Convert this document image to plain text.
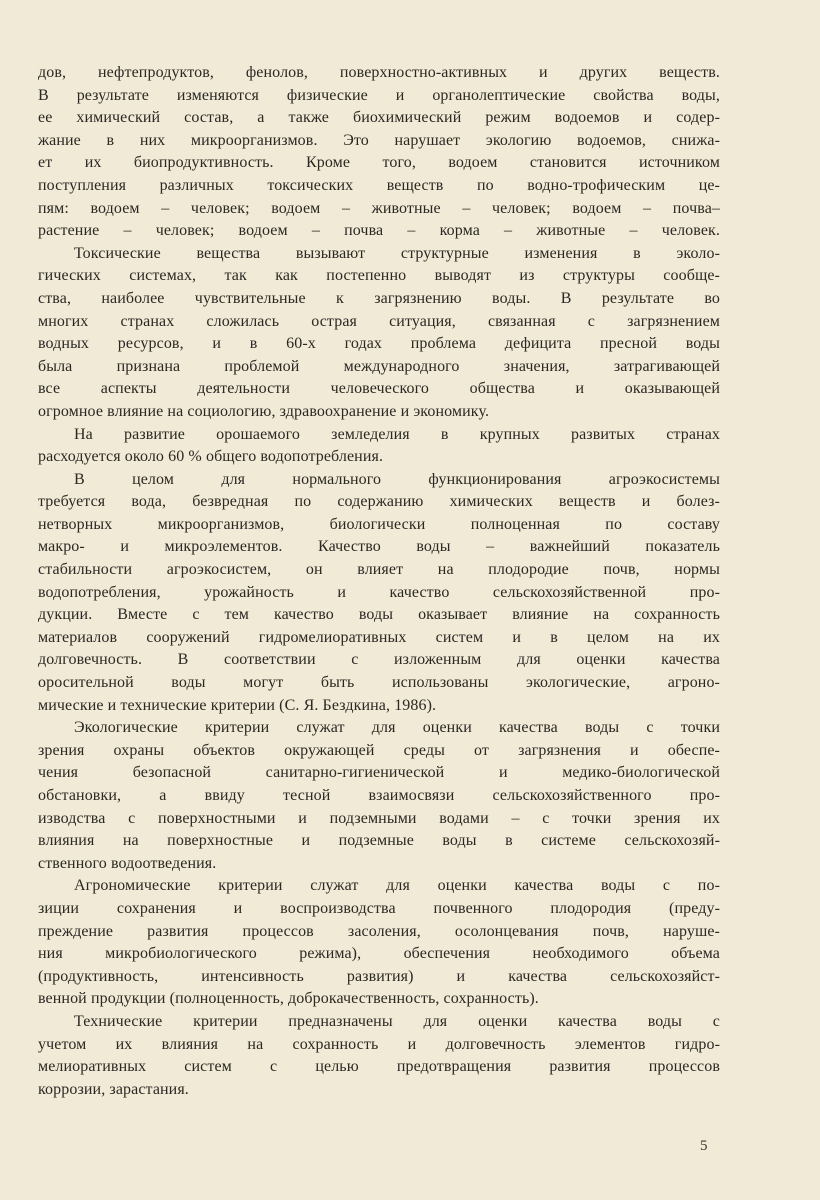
дов, нефтепродуктов, фенолов, поверхностно-активных и других веществ.
В результате изменяются физические и органолептические свойства воды,
ее химический состав, а также биохимический режим водоемов и содер-
жание в них микроорганизмов. Это нарушает экологию водоемов, снижа-
ет их биопродуктивность. Кроме того, водоем становится источником
поступления различных токсических веществ по водно-трофическим це-
пям: водоем – человек; водоем – животные – человек; водоем – почва–
растение – человек; водоем – почва – корма – животные – человек.
Токсические вещества вызывают структурные изменения в эколо-
гических системах, так как постепенно выводят из структуры сообще-
ства, наиболее чувствительные к загрязнению воды. В результате во
многих странах сложилась острая ситуация, связанная с загрязнением
водных ресурсов, и в 60-х годах проблема дефицита пресной воды
была признана проблемой международного значения, затрагивающей
все аспекты деятельности человеческого общества и оказывающей
огромное влияние на социологию, здравоохранение и экономику.
На развитие орошаемого земледелия в крупных развитых странах
расходуется около 60 % общего водопотребления.
В целом для нормального функционирования агроэкосистемы
требуется вода, безвредная по содержанию химических веществ и болез-
нетворных микроорганизмов, биологически полноценная по составу
макро- и микроэлементов. Качество воды – важнейший показатель
стабильности агроэкосистем, он влияет на плодородие почв, нормы
водопотребления, урожайность и качество сельскохозяйственной про-
дукции. Вместе с тем качество воды оказывает влияние на сохранность
материалов сооружений гидромелиоративных систем и в целом на их
долговечность. В соответствии с изложенным для оценки качества
оросительной воды могут быть использованы экологические, агроно-
мические и технические критерии (С. Я. Бездкина, 1986).
Экологические критерии служат для оценки качества воды с точки
зрения охраны объектов окружающей среды от загрязнения и обеспе-
чения безопасной санитарно-гигиенической и медико-биологической
обстановки, а ввиду тесной взаимосвязи сельскохозяйственного про-
изводства с поверхностными и подземными водами – с точки зрения их
влияния на поверхностные и подземные воды в системе сельскохозяй-
ственного водоотведения.
Агрономические критерии служат для оценки качества воды с по-
зиции сохранения и воспроизводства почвенного плодородия (преду-
преждение развития процессов засоления, осолонцевания почв, наруше-
ния микробиологического режима), обеспечения необходимого объема
(продуктивность, интенсивность развития) и качества сельскохозяйст-
венной продукции (полноценность, доброкачественность, сохранность).
Технические критерии предназначены для оценки качества воды с
учетом их влияния на сохранность и долговечность элементов гидро-
мелиоративных систем с целью предотвращения развития процессов
коррозии, зарастания.
5
